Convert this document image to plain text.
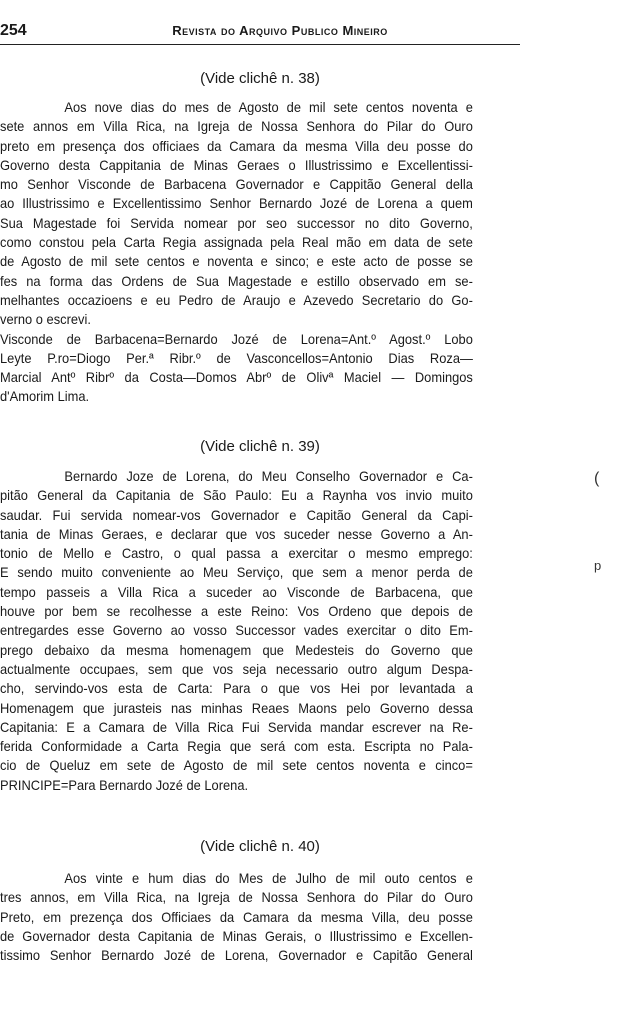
254	Revista do Arquivo Publico Mineiro
(Vide clichê n. 38)
Aos nove dias do mes de Agosto de mil sete centos noventa e
sete annos em Villa Rica, na Igreja de Nossa Senhora do Pilar do Ouro
preto em presença dos officiaes da Camara da mesma Villa deu posse do
Governo desta Cappitania de Minas Geraes o Illustrissimo e Excellentissi-
mo Senhor Visconde de Barbacena Governador e Cappitão General della
ao Illustrissimo e Excellentissimo Senhor Bernardo Jozé de Lorena a quem
Sua Magestade foi Servida nomear por seo successor no dito Governo,
como constou pela Carta Regia assignada pela Real mão em data de sete
de Agosto de mil sete centos e noventa e sinco; e este acto de posse se
fes na forma das Ordens de Sua Magestade e estillo observado em se-
melhantes occazioens e eu Pedro de Araujo e Azevedo Secretario do Go-
verno o escrevi.
Visconde de Barbacena=Bernardo Jozé de Lorena=Ant.º Agost.º Lobo
Leyte P.ro=Diogo Per.ª Ribr.º de Vasconcellos=Antonio Dias Roza—
Marcial Antº Ribrº da Costa—Domos Abrº de Olivª Maciel — Domingos
d'Amorim Lima.
(Vide clichê n. 39)
Bernardo Joze de Lorena, do Meu Conselho Governador e Ca-
pitão General da Capitania de São Paulo: Eu a Raynha vos invio muito
saudar. Fui servida nomear-vos Governador e Capitão General da Capi-
tania de Minas Geraes, e declarar que vos suceder nesse Governo a An-
tonio de Mello e Castro, o qual passa a exercitar o mesmo emprego:
E sendo muito conveniente ao Meu Serviço, que sem a menor perda de
tempo passeis a Villa Rica a suceder ao Visconde de Barbacena, que
houve por bem se recolhesse a este Reino: Vos Ordeno que depois de
entregardes esse Governo ao vosso Successor vades exercitar o dito Em-
prego debaixo da mesma homenagem que Medesteis do Governo que
actualmente occupaes, sem que vos seja necessario outro algum Despa-
cho, servindo-vos esta de Carta: Para o que vos Hei por levantada a
Homenagem que jurasteis nas minhas Reaes Maons pelo Governo dessa
Capitania: E a Camara de Villa Rica Fui Servida mandar escrever na Re-
ferida Conformidade a Carta Regia que será com esta. Escripta no Pala-
cio de Queluz em sete de Agosto de mil sete centos noventa e cinco=
PRINCIPE=Para Bernardo Jozé de Lorena.
(Vide clichê n. 40)
Aos vinte e hum dias do Mes de Julho de mil outo centos e
tres annos, em Villa Rica, na Igreja de Nossa Senhora do Pilar do Ouro
Preto, em prezença dos Officiaes da Camara da mesma Villa, deu posse
de Governador desta Capitania de Minas Gerais, o Illustrissimo e Excellen-
tissimo Senhor Bernardo Jozé de Lorena, Governador e Capitão General
(
p
